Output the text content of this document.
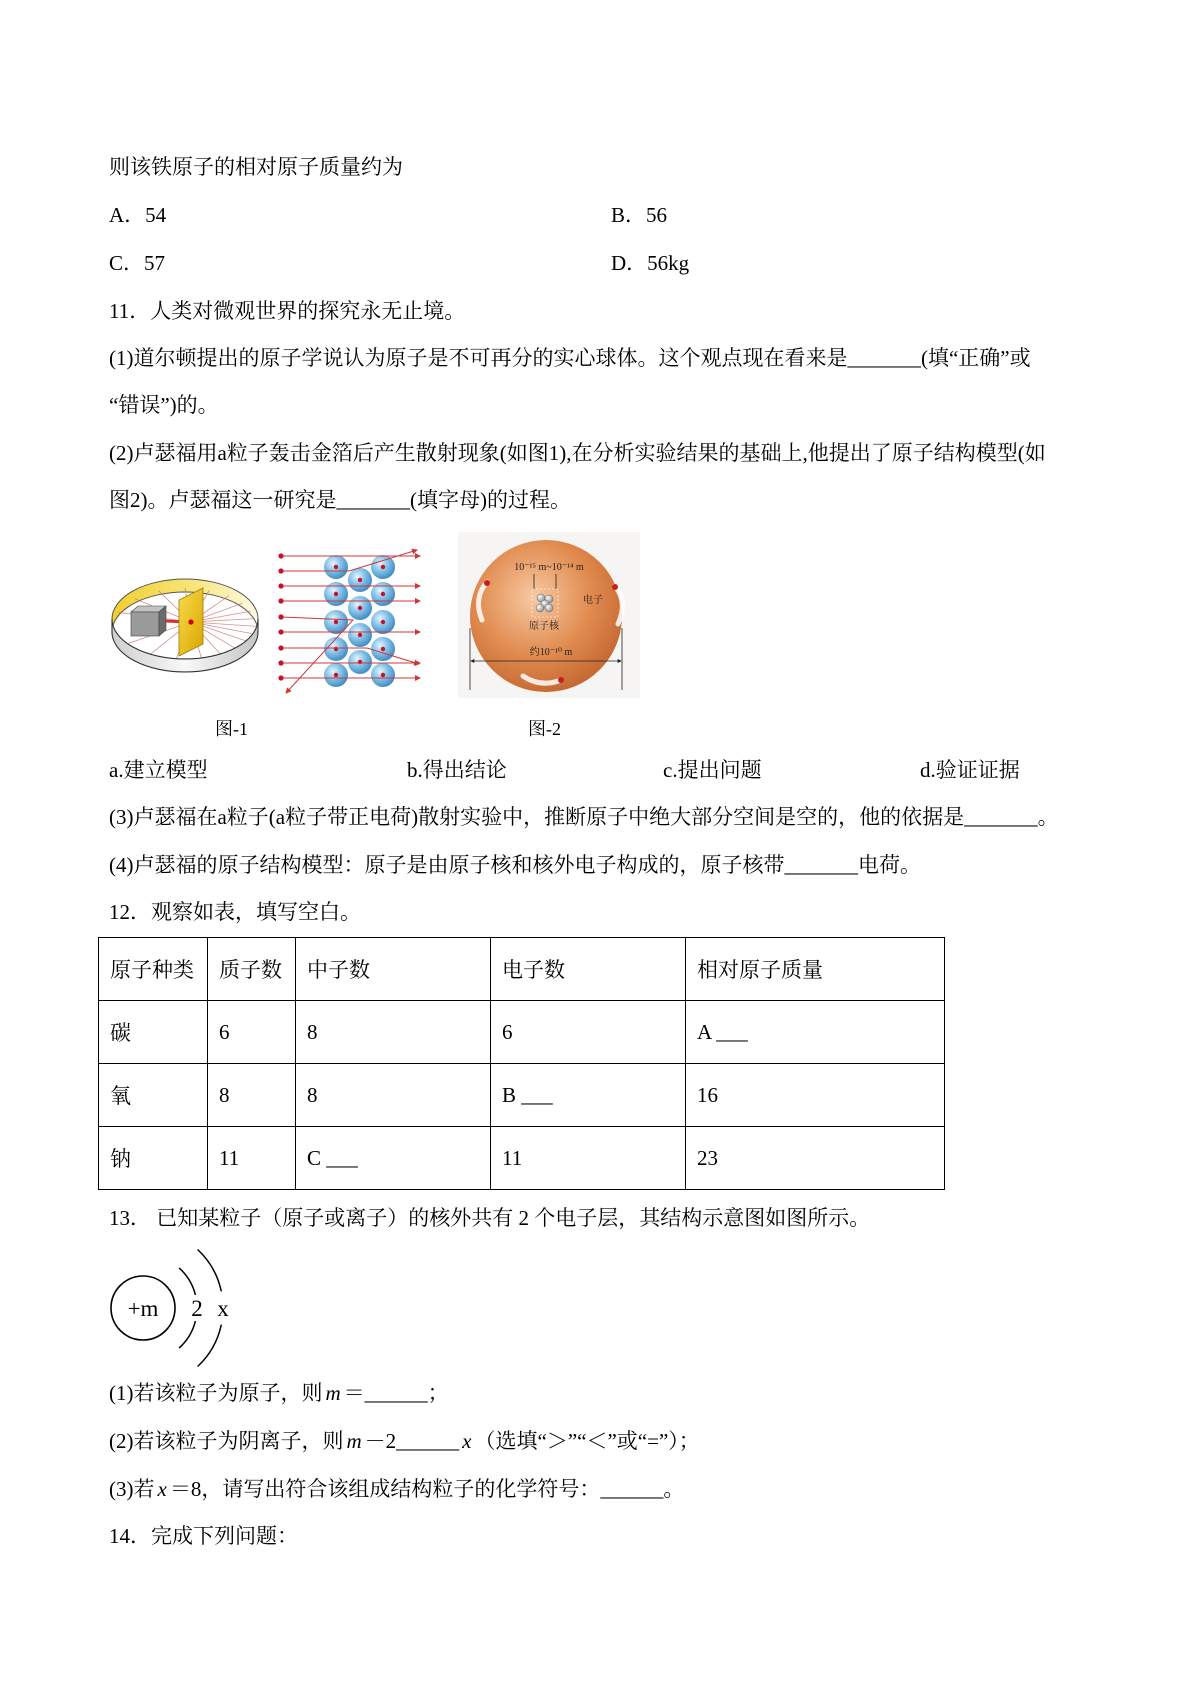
则该铁原子的相对原子质量约为
A．54	B．56
C．57	D．56kg
11．人类对微观世界的探究永无止境。
(1)道尔顿提出的原子学说认为原子是不可再分的实心球体。这个观点现在看来是_______(填“正确”或
“错误”)的。
(2)卢瑟福用a粒子轰击金箔后产生散射现象(如图1),在分析实验结果的基础上,他提出了原子结构模型(如
图2)。卢瑟福这一研究是_______(填字母)的过程。
10⁻¹⁵ m~10⁻¹⁴ m
电子
原子核
约10⁻¹⁰ m
图-1	图-2
a.建立模型	b.得出结论	c.提出问题	d.验证证据
(3)卢瑟福在a粒子(a粒子带正电荷)散射实验中，推断原子中绝大部分空间是空的，他的依据是_______。
(4)卢瑟福的原子结构模型：原子是由原子核和核外电子构成的，原子核带_______电荷。
12．观察如表，填写空白。
原子种类	质子数	中子数	电子数	相对原子质量
碳	6	8	6	A ___
氧	8	8	B ___	16
钠	11	C ___	11	23
13． 已知某粒子（原子或离子）的核外共有 2 个电子层，其结构示意图如图所示。
+m 2 x
(1)若该粒子为原子，则 m ＝______；
(2)若该粒子为阴离子，则 m －2______ x （选填“＞”“＜”或“=”）；
(3)若 x ＝8，请写出符合该组成结构粒子的化学符号：______。
14．完成下列问题：
